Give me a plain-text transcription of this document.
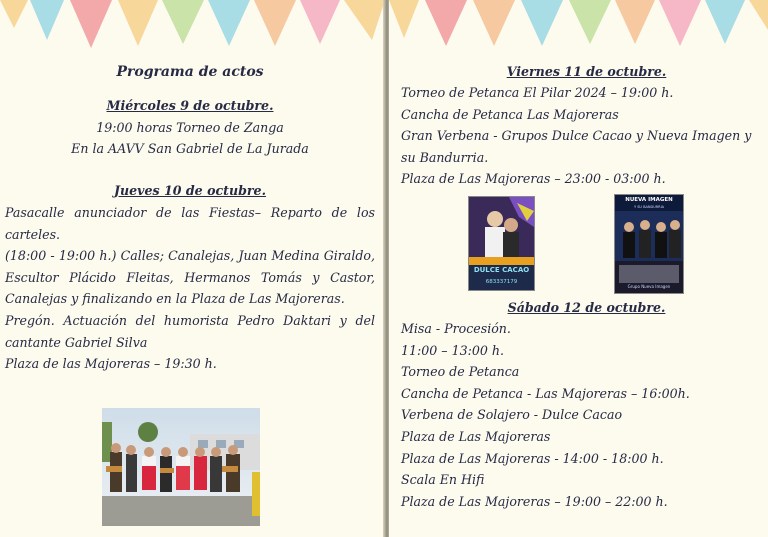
Programa de actos

Miércoles 9 de octubre.

19:00 horas Torneo de Zanga

En la AAVV San Gabriel de La Jurada

Jueves 10 de octubre.

Pasacalle anunciador de las Fiestas– Reparto de los carteles.

(18:00 - 19:00 h.) Calles; Canalejas, Juan Medina Giraldo, Escultor Plácido Fleitas, Hermanos Tomás y Castor, Canalejas y finalizando en la Plaza de Las Majoreras.

Pregón. Actuación del humorista Pedro Daktari y del cantante Gabriel Silva

Plaza de las Majoreras – 19:30 h.

Viernes 11 de octubre.

Torneo de Petanca El Pilar 2024 – 19:00 h.

Cancha de Petanca Las Majoreras

Gran Verbena - Grupos Dulce Cacao y Nueva Imagen y su Bandurria.

Plaza de Las Majoreras – 23:00 - 03:00 h.

DULCE CACAO
683337179
NUEVA IMAGEN
Y SU BANDURRIA
Grupo Nueva Imagen

Sábado 12 de octubre.

Misa - Procesión.

11:00 – 13:00 h.

Torneo de Petanca

Cancha de Petanca - Las Majoreras – 16:00h.

Verbena de Solajero - Dulce Cacao

Plaza de Las Majoreras

Plaza de Las Majoreras - 14:00 - 18:00 h.

Scala En Hifi

Plaza de Las Majoreras – 19:00 – 22:00 h.
